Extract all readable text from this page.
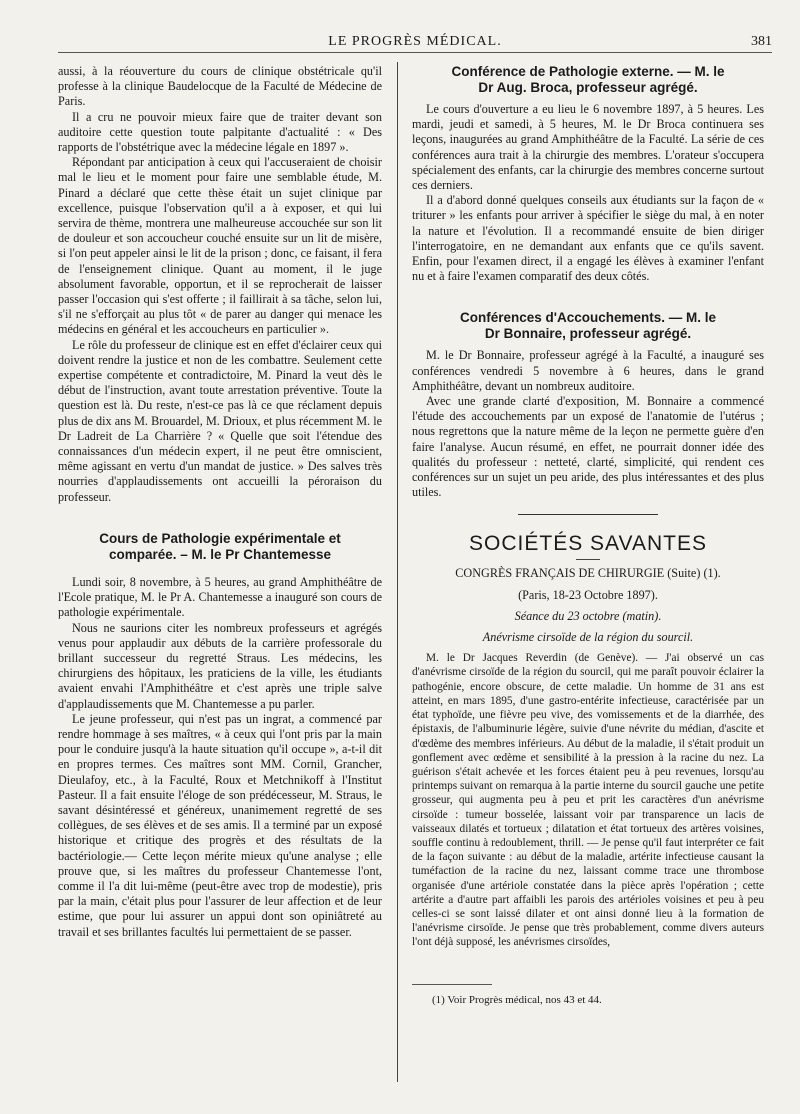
LE PROGRÈS MÉDICAL.	381

aussi, à la réouverture du cours de clinique obstétricale qu'il professe à la clinique Baudelocque de la Faculté de Médecine de Paris.

Il a cru ne pouvoir mieux faire que de traiter devant son auditoire cette question toute palpitante d'actualité : « Des rapports de l'obstétrique avec la médecine légale en 1897 ».

Répondant par anticipation à ceux qui l'accuseraient de choisir mal le lieu et le moment pour faire une semblable étude, M. Pinard a déclaré que cette thèse était un sujet clinique par excellence, puisque l'observation qu'il a à exposer, et qui lui servira de thème, montrera une malheureuse accouchée sur son lit de douleur et son accoucheur couché ensuite sur un lit de misère, si l'on peut appeler ainsi le lit de la prison ; donc, ce faisant, il fera de l'enseignement clinique. Quant au moment, il le juge absolument favorable, opportun, et il se reprocherait de laisser passer l'occasion qui s'est offerte ; il faillirait à sa tâche, selon lui, s'il ne s'efforçait au plus tôt « de parer au danger qui menace les médecins en général et les accoucheurs en particulier ».

Le rôle du professeur de clinique est en effet d'éclairer ceux qui doivent rendre la justice et non de les combattre. Seulement cette expertise compétente et contradictoire, M. Pinard la veut dès le début de l'instruction, avant toute arrestation préventive. Toute la question est là. Du reste, n'est-ce pas là ce que réclament depuis plus de dix ans M. Brouardel, M. Drioux, et plus récemment M. le Dr Ladreit de La Charrière ? « Quelle que soit l'étendue des connaissances d'un médecin expert, il ne peut être omniscient, même agissant en vertu d'un mandat de justice. » Des salves très nourries d'applaudissements ont accueilli la péroraison du professeur.

Cours de Pathologie expérimentale et
comparée. – M. le Pr Chantemesse

Lundi soir, 8 novembre, à 5 heures, au grand Amphithéâtre de l'Ecole pratique, M. le Pr A. Chantemesse a inauguré son cours de pathologie expérimentale.

Nous ne saurions citer les nombreux professeurs et agrégés venus pour applaudir aux débuts de la carrière professorale du brillant successeur du regretté Straus. Les médecins, les chirurgiens des hôpitaux, les praticiens de la ville, les étudiants avaient envahi l'Amphithéâtre et c'est après une triple salve d'applaudissements que M. Chantemesse a pu parler.

Le jeune professeur, qui n'est pas un ingrat, a commencé par rendre hommage à ses maîtres, « à ceux qui l'ont pris par la main pour le conduire jusqu'à la haute situation qu'il occupe », a-t-il dit en propres termes. Ces maîtres sont MM. Cornil, Grancher, Dieulafoy, etc., à la Faculté, Roux et Metchnikoff à l'Institut Pasteur. Il a fait ensuite l'éloge de son prédécesseur, M. Straus, le savant désintéressé et généreux, unanimement regretté de ses collègues, de ses élèves et de ses amis. Il a terminé par un exposé historique et critique des progrès et des résultats de la bactériologie.— Cette leçon mérite mieux qu'une analyse ; elle prouve que, si les maîtres du professeur Chantemesse l'ont, comme il l'a dit lui-même (peut-être avec trop de modestie), pris par la main, c'était plus pour l'assurer de leur affection et de leur estime, que pour lui assurer un appui dont son opiniâtreté au travail et ses brillantes facultés lui permettaient de se passer.

Conférence de Pathologie externe. — M. le
Dr Aug. Broca, professeur agrégé.

Le cours d'ouverture a eu lieu le 6 novembre 1897, à 5 heures. Les mardi, jeudi et samedi, à 5 heures, M. le Dr Broca continuera ses leçons, inaugurées au grand Amphithéâtre de la Faculté. La série de ces conférences aura trait à la chirurgie des membres. L'orateur s'occupera spécialement des enfants, car la chirurgie des membres concerne surtout ces derniers.

Il a d'abord donné quelques conseils aux étudiants sur la façon de « triturer » les enfants pour arriver à spécifier le siège du mal, à en noter la nature et l'évolution. Il a recommandé ensuite de bien diriger l'interrogatoire, en ne demandant aux enfants que ce qu'ils savent. Enfin, pour l'examen direct, il a engagé les élèves à examiner l'enfant nu et à faire l'examen comparatif des deux côtés.

Conférences d'Accouchements. — M. le
Dr Bonnaire, professeur agrégé.

M. le Dr Bonnaire, professeur agrégé à la Faculté, a inauguré ses conférences vendredi 5 novembre à 6 heures, dans le grand Amphithéâtre, devant un nombreux auditoire.

Avec une grande clarté d'exposition, M. Bonnaire a commencé l'étude des accouchements par un exposé de l'anatomie de l'utérus ; nous regrettons que la nature même de la leçon ne permette guère d'en faire l'analyse. Aucun résumé, en effet, ne pourrait donner idée des qualités du professeur : netteté, clarté, simplicité, qui rendent ces conférences sur un sujet un peu aride, des plus intéressantes et des plus utiles.

SOCIÉTÉS SAVANTES

CONGRÈS FRANÇAIS DE CHIRURGIE (Suite) (1).

(Paris, 18-23 Octobre 1897).

Séance du 23 octobre (matin).

Anévrisme cirsoïde de la région du sourcil.

M. le Dr Jacques Reverdin (de Genève). — J'ai observé un cas d'anévrisme cirsoïde de la région du sourcil, qui me paraît pouvoir éclairer la pathogénie, encore obscure, de cette maladie. Un homme de 31 ans est atteint, en mars 1895, d'une gastro-entérite infectieuse, caractérisée par un état typhoïde, une fièvre peu vive, des vomissements et de la diarrhée, des épistaxis, de l'albuminurie légère, suivie d'une névrite du médian, d'ascite et d'œdème des membres inférieurs. Au début de la maladie, il s'était produit un gonflement avec œdème et sensibilité à la pression à la racine du nez. La guérison s'était achevée et les forces étaient peu à peu revenues, lorsqu'au printemps suivant on remarqua à la partie interne du sourcil gauche une petite grosseur, qui augmenta peu à peu et prit les caractères d'un anévrisme cirsoïde : tumeur bosselée, laissant voir par transparence un lacis de vaisseaux dilatés et tortueux ; dilatation et état tortueux des artères voisines, souffle continu à redoublement, thrill. — Je pense qu'il faut interpréter ce fait de la façon suivante : au début de la maladie, artérite infectieuse causant la tuméfaction de la racine du nez, laissant comme trace une thrombose organisée d'une artériole constatée dans la pièce après l'opération ; cette artérite a d'autre part affaibli les parois des artérioles voisines et peu à peu celles-ci se sont laissé dilater et ont ainsi donné lieu à la formation de l'anévrisme cirsoïde. Je pense que très probablement, comme divers auteurs l'ont déjà supposé, les anévrismes cirsoïdes,

(1) Voir Progrès médical, nos 43 et 44.
